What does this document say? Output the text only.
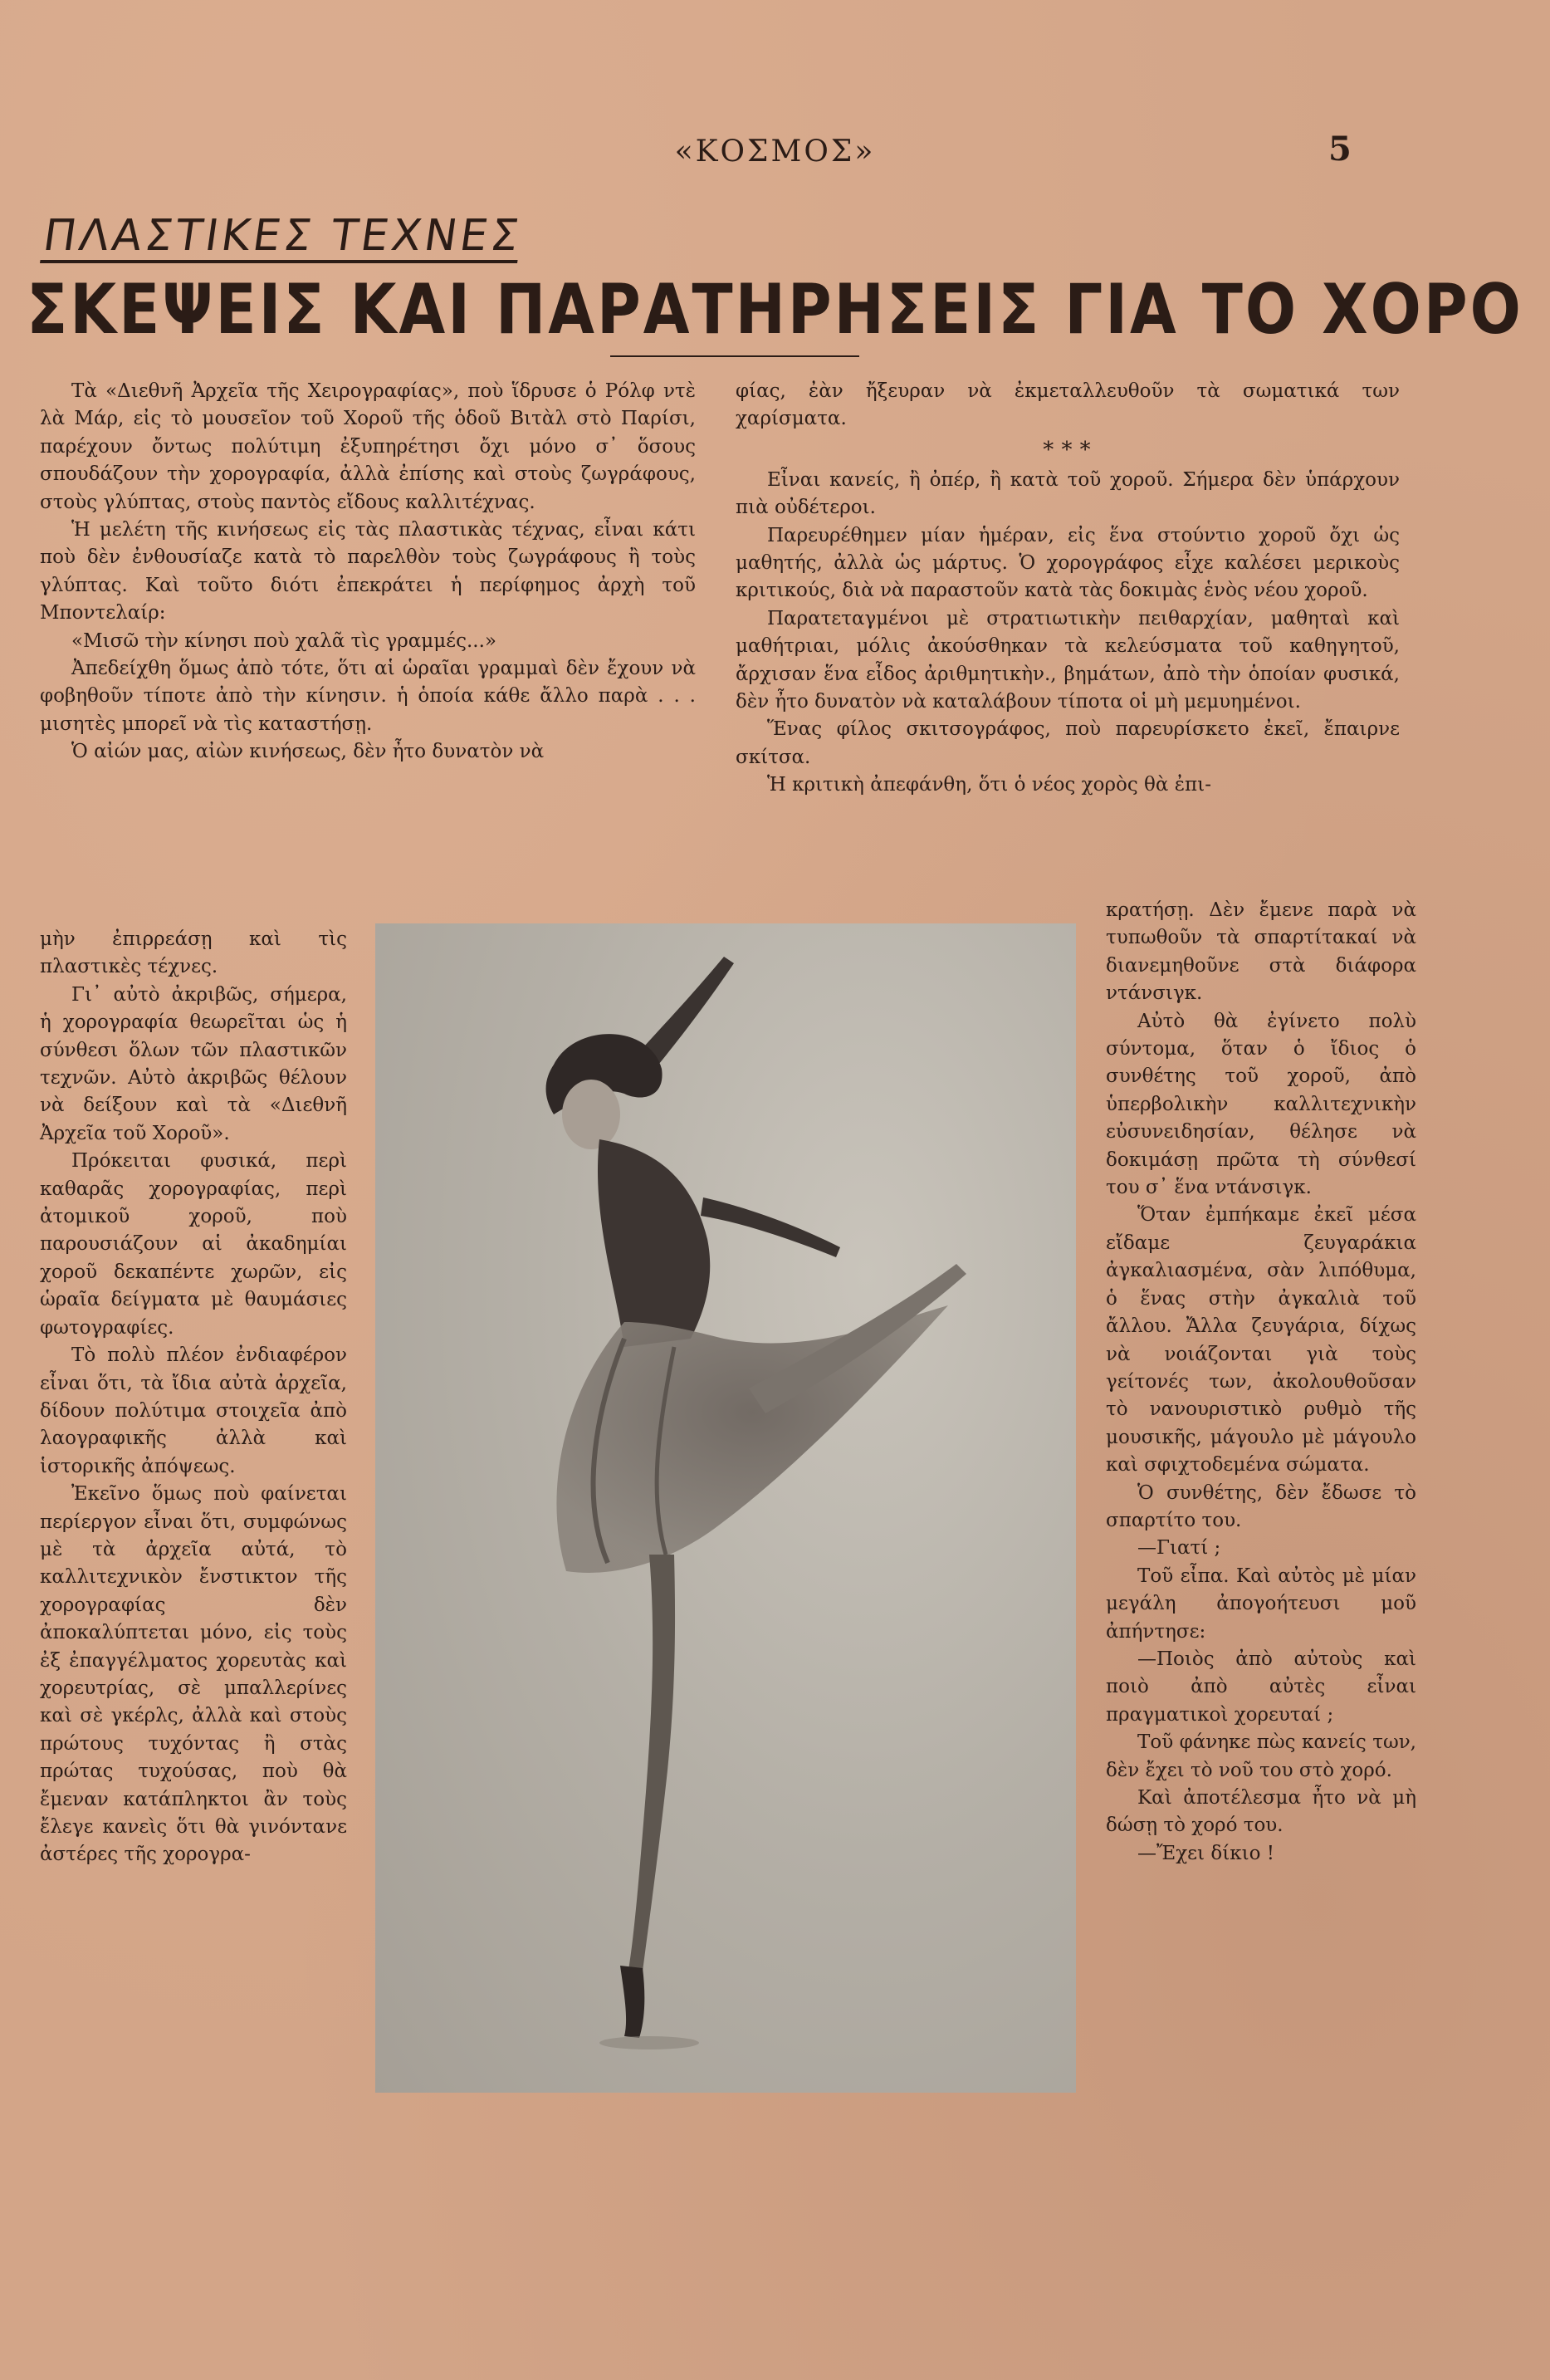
«ΚΟΣΜΟΣ»	5
ΠΛΑΣΤΙΚΕΣ ΤΕΧΝΕΣ
ΣΚΕΨΕΙΣ ΚΑΙ ΠΑΡΑΤΗΡΗΣΕΙΣ ΓΙΑ ΤΟ ΧΟΡΟ

Τὰ «Διεθνῆ Ἀρχεῖα τῆς Χειρογραφίας», ποὺ ἵδρυσε ὁ Ρόλφ ντὲ λὰ Μάρ, εἰς τὸ μουσεῖον τοῦ Χοροῦ τῆς ὁδοῦ Βιτὰλ στὸ Παρίσι, παρέχουν ὄντως πολύτιμη ἐξυπηρέτησι ὄχι μόνο σ᾿ ὅσους σπουδάζουν τὴν χορογραφία, ἀλλὰ ἐπίσης καὶ στοὺς ζωγράφους, στοὺς γλύπτας, στοὺς παντὸς εἴδους καλλιτέχνας.

Ἡ μελέτη τῆς κινήσεως εἰς τὰς πλαστικὰς τέχνας, εἶναι κάτι ποὺ δὲν ἐνθουσίαζε κατὰ τὸ παρελθὸν τοὺς ζωγράφους ἢ τοὺς γλύπτας. Καὶ τοῦτο διότι ἐπεκράτει ἡ περίφημος ἀρχὴ τοῦ Μποντελαίρ:

«Μισῶ τὴν κίνησι ποὺ χαλᾶ τὶς γραμμές...»

Ἀπεδείχθη ὅμως ἀπὸ τότε, ὅτι αἱ ὡραῖαι γραμμαὶ δὲν ἔχουν νὰ φοβηθοῦν τίποτε ἀπὸ τὴν κίνησιν. ἡ ὁποία κάθε ἄλλο παρὰ . . . μισητὲς μπορεῖ νὰ τὶς καταστήσῃ.

Ὁ αἰών μας, αἰὼν κινήσεως, δὲν ἦτο δυνατὸν νὰ

μὴν ἐπιρρεάσῃ καὶ τὶς πλαστικὲς τέχνες.

Γι᾿ αὐτὸ ἀκριβῶς, σήμερα, ἡ χορογραφία θεωρεῖται ὡς ἡ σύνθεσι ὅλων τῶν πλαστικῶν τεχνῶν. Αὐτὸ ἀκριβῶς θέλουν νὰ δείξουν καὶ τὰ «Διεθνῆ Ἀρχεῖα τοῦ Χοροῦ».

Πρόκειται φυσικά, περὶ καθαρᾶς χορογραφίας, περὶ ἀτομικοῦ χοροῦ, ποὺ παρουσιάζουν αἱ ἀκαδημίαι χοροῦ δεκαπέντε χωρῶν, εἰς ὡραῖα δείγματα μὲ θαυμάσιες φωτογραφίες.

Τὸ πολὺ πλέον ἐνδιαφέρον εἶναι ὅτι, τὰ ἴδια αὐτὰ ἀρχεῖα, δίδουν πολύτιμα στοιχεῖα ἀπὸ λαογραφικῆς ἀλλὰ καὶ ἱστορικῆς ἀπόψεως.

Ἐκεῖνο ὅμως ποὺ φαίνεται περίεργον εἶναι ὅτι, συμφώνως μὲ τὰ ἀρχεῖα αὐτά, τὸ καλλιτεχνικὸν ἔνστικτον τῆς χορογραφίας δὲν ἀποκαλύπτεται μόνο, εἰς τοὺς ἐξ ἐπαγγέλματος χορευτὰς καὶ χορευτρίας, σὲ μπαλλερίνες καὶ σὲ γκέρλς, ἀλλὰ καὶ στοὺς πρώτους τυχόντας ἢ στὰς πρώτας τυχούσας, ποὺ θὰ ἔμεναν κατάπληκτοι ἂν τοὺς ἔλεγε κανεὶς ὅτι θὰ γινόντανε ἀστέρες τῆς χορογρα-

φίας, ἐὰν ἤξευραν νὰ ἐκμεταλλευθοῦν τὰ σωματικά των χαρίσματα.

* * *

Εἶναι κανείς, ἢ ὀπέρ, ἢ κατὰ τοῦ χοροῦ. Σήμερα δὲν ὑπάρχουν πιὰ οὐδέτεροι.

Παρευρέθημεν μίαν ἡμέραν, εἰς ἕνα στούντιο χοροῦ ὄχι ὡς μαθητής, ἀλλὰ ὡς μάρτυς. Ὁ χορογράφος εἶχε καλέσει μερικοὺς κριτικούς, διὰ νὰ παραστοῦν κατὰ τὰς δοκιμὰς ἑνὸς νέου χοροῦ.

Παρατεταγμένοι μὲ στρατιωτικὴν πειθαρχίαν, μαθηταὶ καὶ μαθήτριαι, μόλις ἀκούσθηκαν τὰ κελεύσματα τοῦ καθηγητοῦ, ἄρχισαν ἕνα εἶδος ἀριθμητικὴν., βημάτων, ἀπὸ τὴν ὁποίαν φυσικά, δὲν ἦτο δυνατὸν νὰ καταλάβουν τίποτα οἱ μὴ μεμυημένοι.

Ἕνας φίλος σκιτσογράφος, ποὺ παρευρίσκετο ἐκεῖ, ἔπαιρνε σκίτσα.

Ἡ κριτικὴ ἀπεφάνθη, ὅτι ὁ νέος χορὸς θὰ ἐπι-

κρατήσῃ. Δὲν ἔμενε παρὰ νὰ τυπωθοῦν τὰ σπαρτίτακαί νὰ διανεμηθοῦνε στὰ διάφορα ντάνσιγκ.

Αὐτὸ θὰ ἐγίνετο πολὺ σύντομα, ὅταν ὁ ἴδιος ὁ συνθέτης τοῦ χοροῦ, ἀπὸ ὑπερβολικὴν καλλιτεχνικὴν εὐσυνειδησίαν, θέλησε νὰ δοκιμάσῃ πρῶτα τὴ σύνθεσί του σ᾿ ἕνα ντάνσιγκ.

Ὅταν ἐμπήκαμε ἐκεῖ μέσα εἴδαμε ζευγαράκια ἀγκαλιασμένα, σὰν λιπόθυμα, ὁ ἕνας στὴν ἀγκαλιὰ τοῦ ἄλλου. Ἄλλα ζευγάρια, δίχως νὰ νοιάζονται γιὰ τοὺς γείτονές των, ἀκολουθοῦσαν τὸ νανουριστικὸ ρυθμὸ τῆς μουσικῆς, μάγουλο μὲ μάγουλο καὶ σφιχτοδεμένα σώματα.

Ὁ συνθέτης, δὲν ἔδωσε τὸ σπαρτίτο του.

—Γιατί ;

Τοῦ εἶπα. Καὶ αὐτὸς μὲ μίαν μεγάλη ἀπογοήτευσι μοῦ ἀπήντησε:

—Ποιὸς ἀπὸ αὐτοὺς καὶ ποιὸ ἀπὸ αὐτὲς εἶναι πραγματικοὶ χορευταί ;

Τοῦ φάνηκε πὼς κανείς των, δὲν ἔχει τὸ νοῦ του στὸ χορό.

Καὶ ἀποτέλεσμα ἦτο νὰ μὴ δώσῃ τὸ χορό του.

—Ἔχει δίκιο !
